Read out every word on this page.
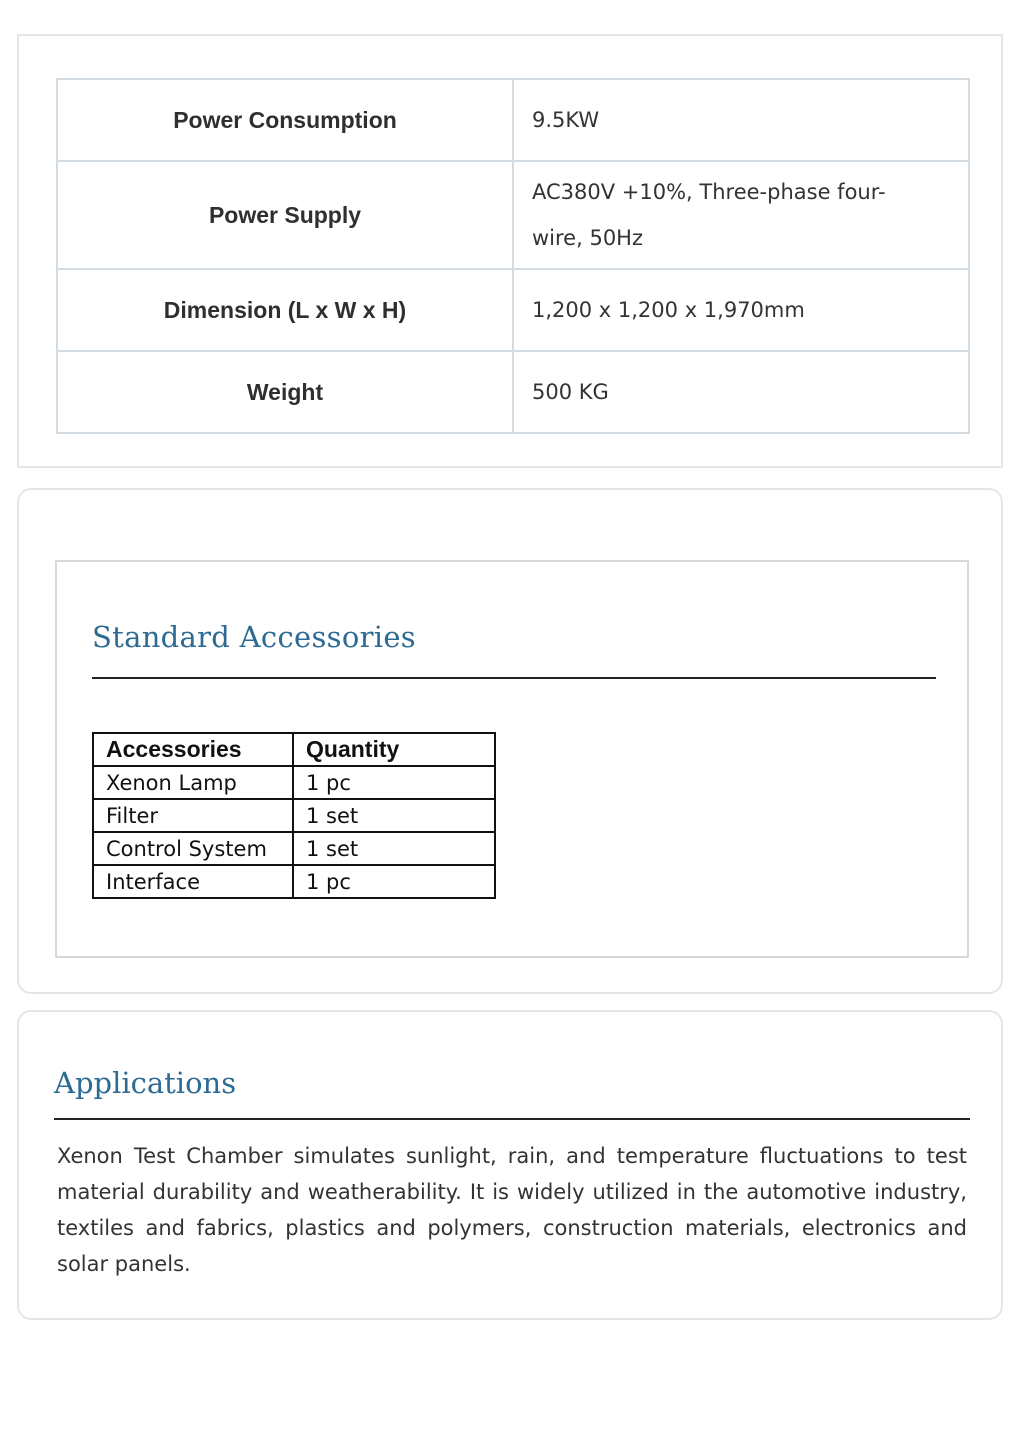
Power Consumption	9.5KW
Power Supply	AC380V +10%, Three-phase four-wire, 50Hz
Dimension (L x W x H)	1,200 x 1,200 x 1,970mm
Weight	500 KG
Standard Accessories
Accessories	Quantity
Xenon Lamp	1 pc
Filter	1 set
Control System	1 set
Interface	1 pc
Applications

Xenon Test Chamber simulates sunlight, rain, and temperature fluctuations to test material durability and weatherability. It is widely utilized in the automotive industry, textiles and fabrics, plastics and polymers, construction materials, electronics and solar panels.
